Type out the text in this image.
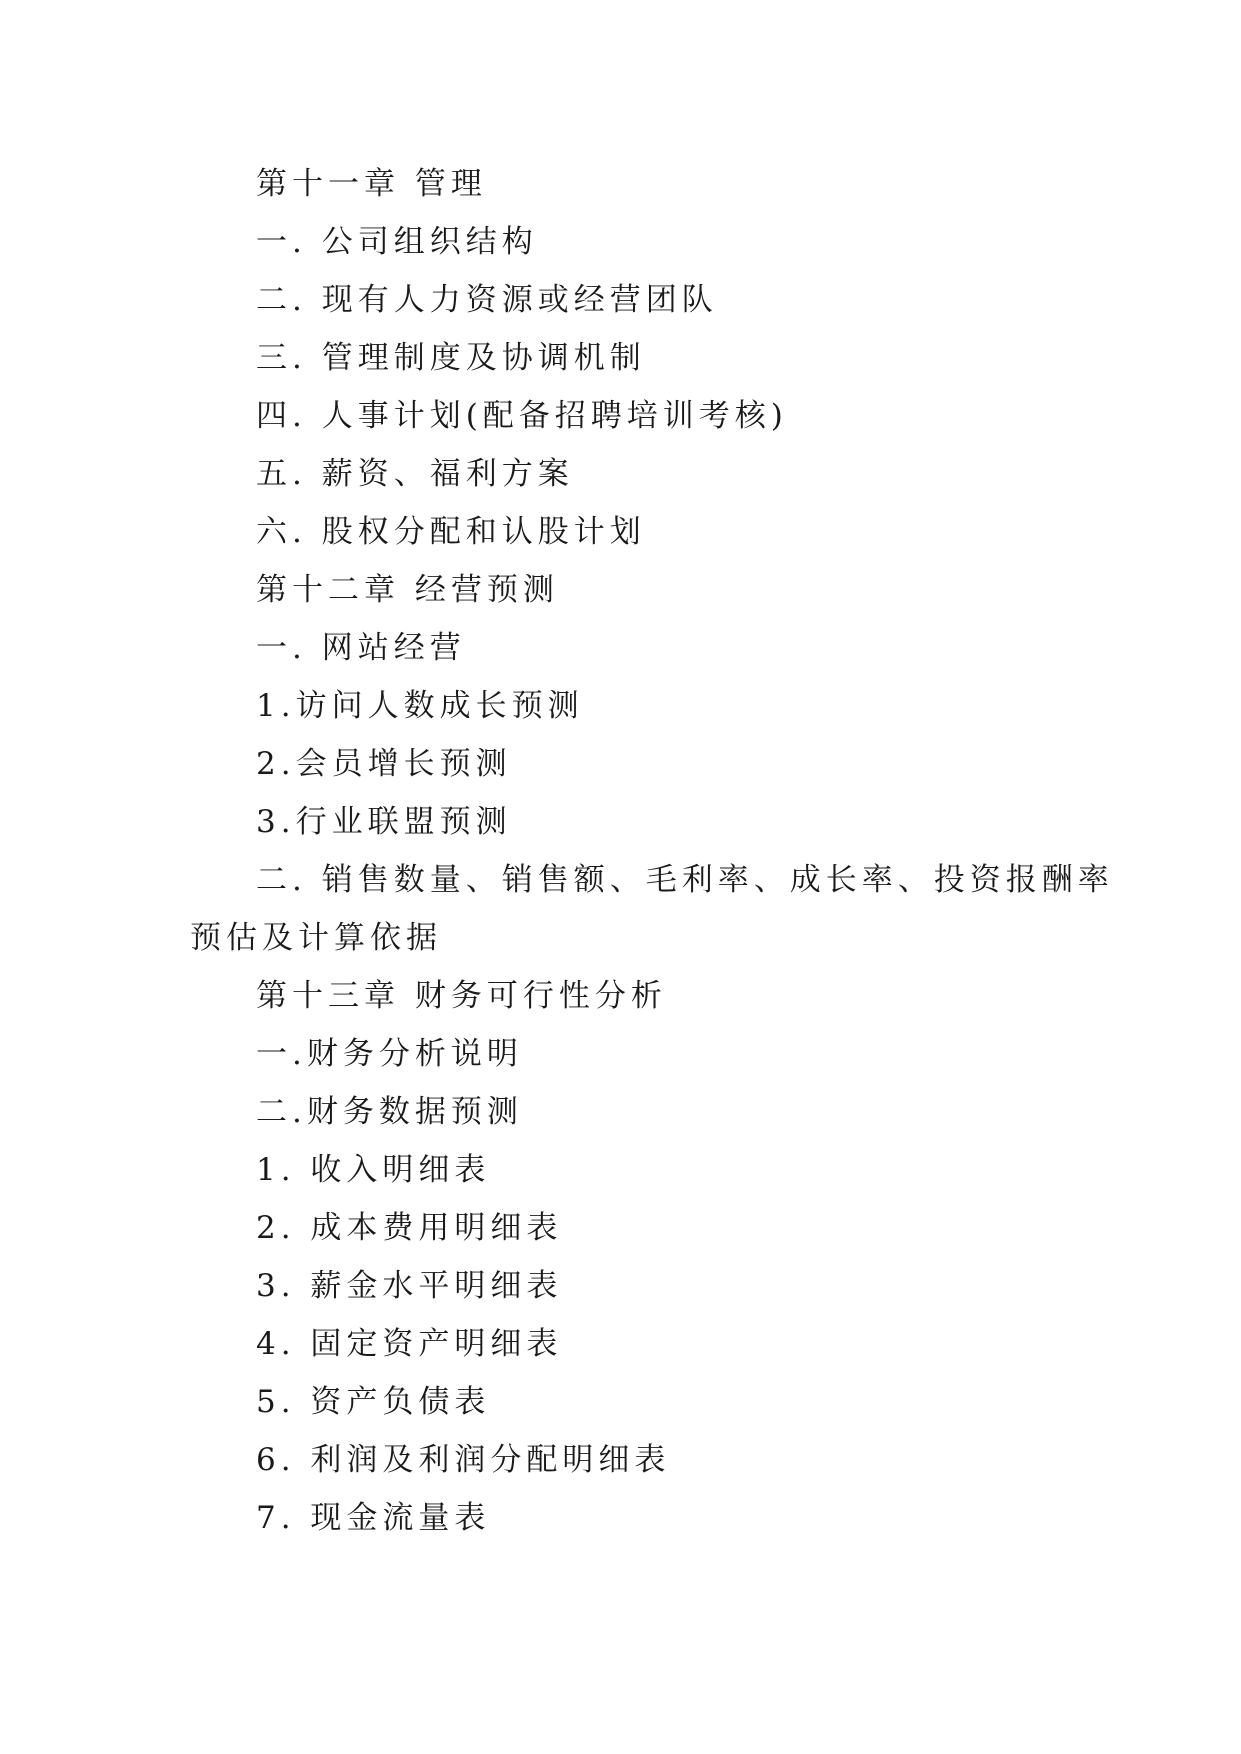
第十一章 管理
一. 公司组织结构
二. 现有人力资源或经营团队
三. 管理制度及协调机制
四. 人事计划(配备招聘培训考核)
五. 薪资、福利方案
六. 股权分配和认股计划
第十二章 经营预测
一. 网站经营
1.访问人数成长预测
2.会员增长预测
3.行业联盟预测
二. 销售数量、销售额、毛利率、成长率、投资报酬率
预估及计算依据
第十三章 财务可行性分析
一.财务分析说明
二.财务数据预测
1. 收入明细表
2. 成本费用明细表
3. 薪金水平明细表
4. 固定资产明细表
5. 资产负债表
6. 利润及利润分配明细表
7. 现金流量表
